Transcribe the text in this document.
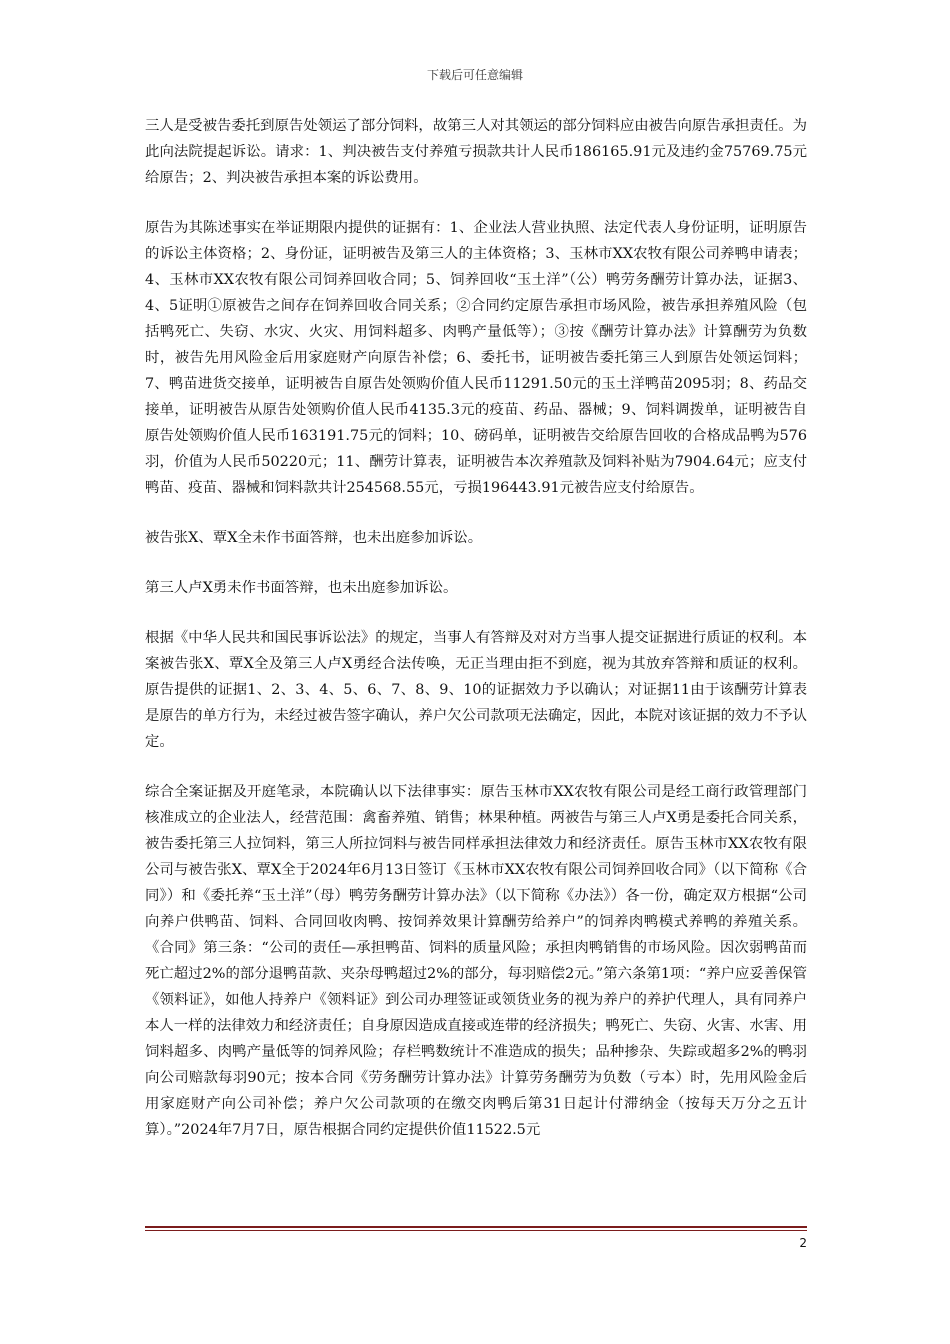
下载后可任意编辑

三人是受被告委托到原告处领运了部分饲料，故第三人对其领运的部分饲料应由被告向原告承担责任。为此向法院提起诉讼。请求：1、判决被告支付养殖亏损款共计人民币186165.91元及违约金75769.75元给原告；2、判决被告承担本案的诉讼费用。

原告为其陈述事实在举证期限内提供的证据有：1、企业法人营业执照、法定代表人身份证明，证明原告的诉讼主体资格；2、身份证，证明被告及第三人的主体资格；3、玉林市XX农牧有限公司养鸭申请表；4、玉林市XX农牧有限公司饲养回收合同；5、饲养回收“玉土洋”（公）鸭劳务酬劳计算办法，证据3、4、5证明①原被告之间存在饲养回收合同关系；②合同约定原告承担市场风险，被告承担养殖风险（包括鸭死亡、失窃、水灾、火灾、用饲料超多、肉鸭产量低等）；③按《酬劳计算办法》计算酬劳为负数时，被告先用风险金后用家庭财产向原告补偿；6、委托书，证明被告委托第三人到原告处领运饲料；7、鸭苗进货交接单，证明被告自原告处领购价值人民币11291.50元的玉土洋鸭苗2095羽；8、药品交接单，证明被告从原告处领购价值人民币4135.3元的疫苗、药品、器械；9、饲料调拨单，证明被告自原告处领购价值人民币163191.75元的饲料；10、磅码单，证明被告交给原告回收的合格成品鸭为576羽，价值为人民币50220元；11、酬劳计算表，证明被告本次养殖款及饲料补贴为7904.64元；应支付鸭苗、疫苗、器械和饲料款共计254568.55元，亏损196443.91元被告应支付给原告。

被告张X、覃X全未作书面答辩，也未出庭参加诉讼。

第三人卢X勇未作书面答辩，也未出庭参加诉讼。

根据《中华人民共和国民事诉讼法》的规定，当事人有答辩及对对方当事人提交证据进行质证的权利。本案被告张X、覃X全及第三人卢X勇经合法传唤，无正当理由拒不到庭，视为其放弃答辩和质证的权利。原告提供的证据1、2、3、4、5、6、7、8、9、10的证据效力予以确认；对证据11由于该酬劳计算表是原告的单方行为，未经过被告签字确认，养户欠公司款项无法确定，因此，本院对该证据的效力不予认定。

综合全案证据及开庭笔录，本院确认以下法律事实：原告玉林市XX农牧有限公司是经工商行政管理部门核准成立的企业法人，经营范围：禽畜养殖、销售；林果种植。两被告与第三人卢X勇是委托合同关系，被告委托第三人拉饲料，第三人所拉饲料与被告同样承担法律效力和经济责任。原告玉林市XX农牧有限公司与被告张X、覃X全于2024年6月13日签订《玉林市XX农牧有限公司饲养回收合同》（以下简称《合同》）和《委托养“玉土洋”（母）鸭劳务酬劳计算办法》（以下简称《办法》）各一份，确定双方根据“公司向养户供鸭苗、饲料、合同回收肉鸭、按饲养效果计算酬劳给养户”的饲养肉鸭模式养鸭的养殖关系。《合同》第三条：“公司的责任—承担鸭苗、饲料的质量风险；承担肉鸭销售的市场风险。因次弱鸭苗而死亡超过2%的部分退鸭苗款、夹杂母鸭超过2%的部分，每羽赔偿2元。”第六条第1项：“养户应妥善保管《领料证》，如他人持养户《领料证》到公司办理签证或领货业务的视为养户的养护代理人，具有同养户本人一样的法律效力和经济责任；自身原因造成直接或连带的经济损失；鸭死亡、失窃、火害、水害、用饲料超多、肉鸭产量低等的饲养风险；存栏鸭数统计不准造成的损失；品种掺杂、失踪或超多2%的鸭羽向公司赔款每羽90元；按本合同《劳务酬劳计算办法》计算劳务酬劳为负数（亏本）时，先用风险金后用家庭财产向公司补偿；养户欠公司款项的在缴交肉鸭后第31日起计付滞纳金（按每天万分之五计算）。”2024年7月7日，原告根据合同约定提供价值11522.5元

2
